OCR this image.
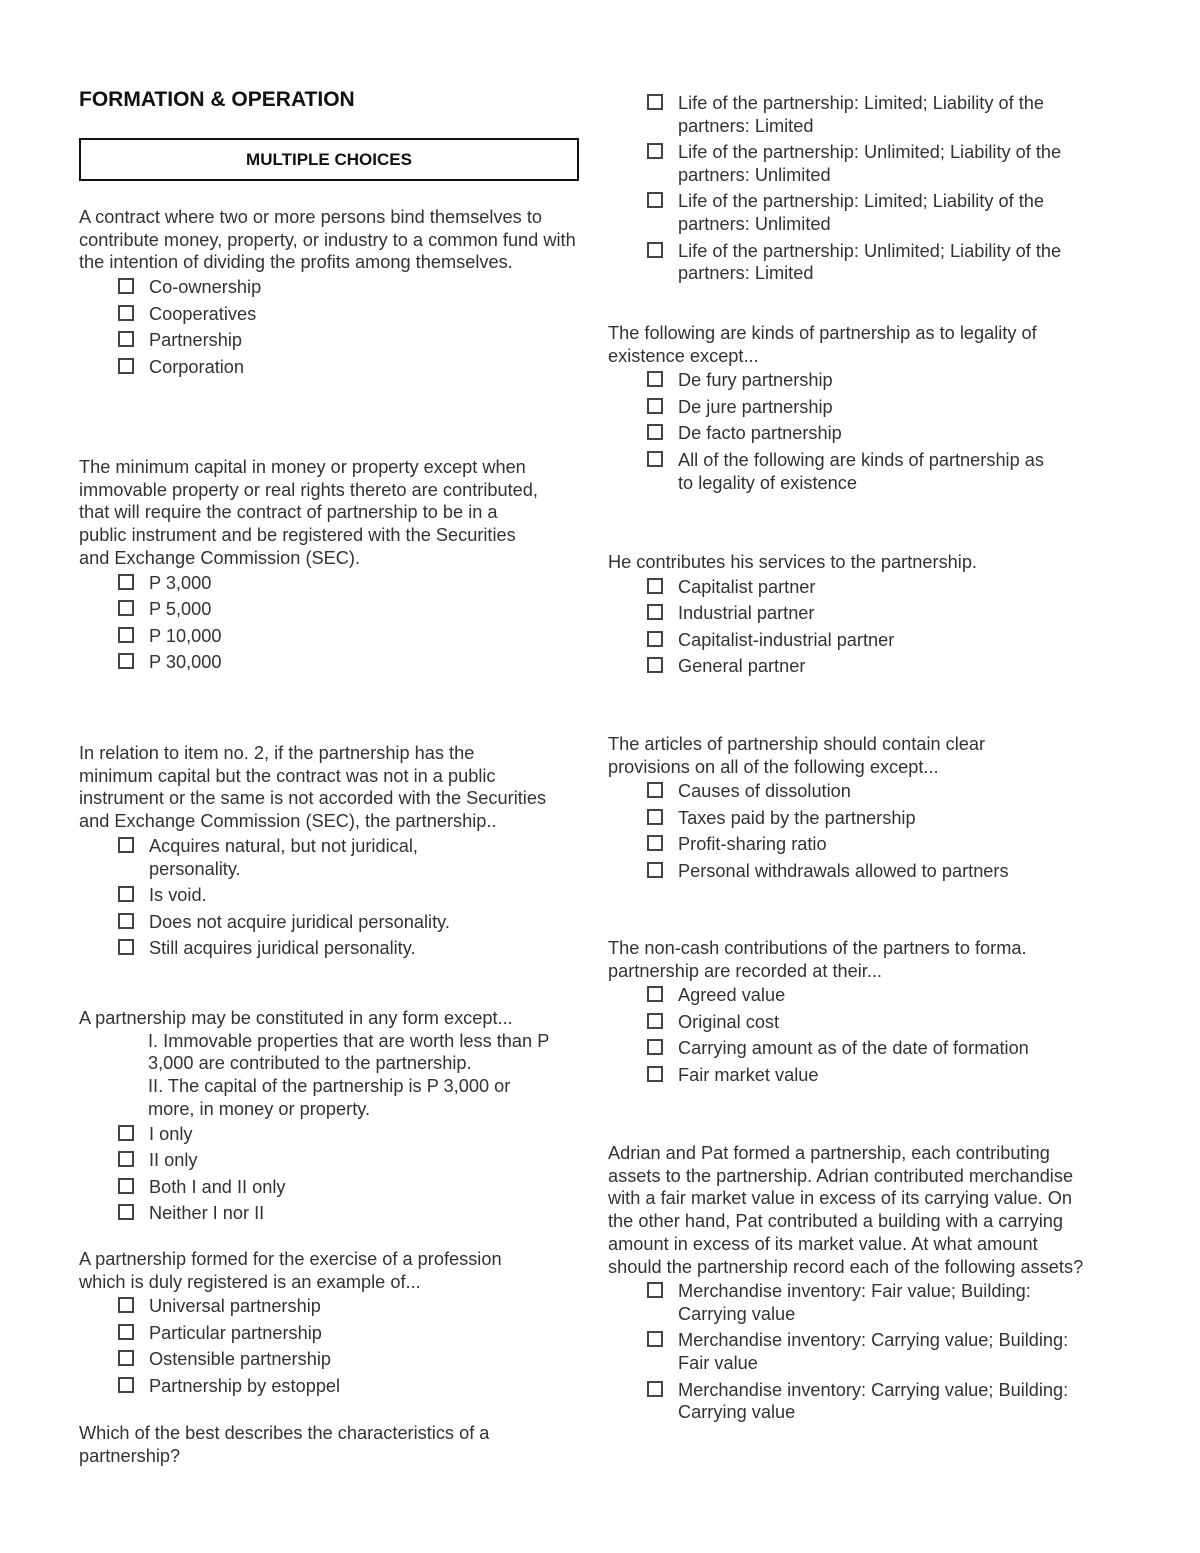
FORMATION & OPERATION
MULTIPLE CHOICES

A contract where two or more persons bind themselves to contribute money, property, or industry to a common fund with the intention of dividing the profits among themselves.

Co-ownership
Cooperatives
Partnership
Corporation

The minimum capital in money or property except when immovable property or real rights thereto are contributed, that will require the contract of partnership to be in a public instrument and be registered with the Securities and Exchange Commission (SEC).

P 3,000
P 5,000
P 10,000
P 30,000

In relation to item no. 2, if the partnership has the minimum capital but the contract was not in a public instrument or the same is not accorded with the Securities and Exchange Commission (SEC), the partnership..

Acquires natural, but not juridical, personality.
Is void.
Does not acquire juridical personality.
Still acquires juridical personality.

A partnership may be constituted in any form except...

I. Immovable properties that are worth less than P 3,000 are contributed to the partnership.
II. The capital of the partnership is P 3,000 or more, in money or property.
I only
II only
Both I and II only
Neither I nor II

A partnership formed for the exercise of a profession which is duly registered is an example of...

Universal partnership
Particular partnership
Ostensible partnership
Partnership by estoppel

Which of the best describes the characteristics of a partnership?

Life of the partnership: Limited; Liability of the partners: Limited
Life of the partnership: Unlimited; Liability of the partners: Unlimited
Life of the partnership: Limited; Liability of the partners: Unlimited
Life of the partnership: Unlimited; Liability of the partners: Limited

The following are kinds of partnership as to legality of existence except...

De fury partnership
De jure partnership
De facto partnership
All of the following are kinds of partnership as to legality of existence

He contributes his services to the partnership.

Capitalist partner
Industrial partner
Capitalist-industrial partner
General partner

The articles of partnership should contain clear provisions on all of the following except...

Causes of dissolution
Taxes paid by the partnership
Profit-sharing ratio
Personal withdrawals allowed to partners

The non-cash contributions of the partners to forma. partnership are recorded at their...

Agreed value
Original cost
Carrying amount as of the date of formation
Fair market value

Adrian and Pat formed a partnership, each contributing assets to the partnership. Adrian contributed merchandise with a fair market value in excess of its carrying value. On the other hand, Pat contributed a building with a carrying amount in excess of its market value. At what amount should the partnership record each of the following assets?

Merchandise inventory: Fair value; Building: Carrying value
Merchandise inventory: Carrying value; Building: Fair value
Merchandise inventory: Carrying value; Building: Carrying value
